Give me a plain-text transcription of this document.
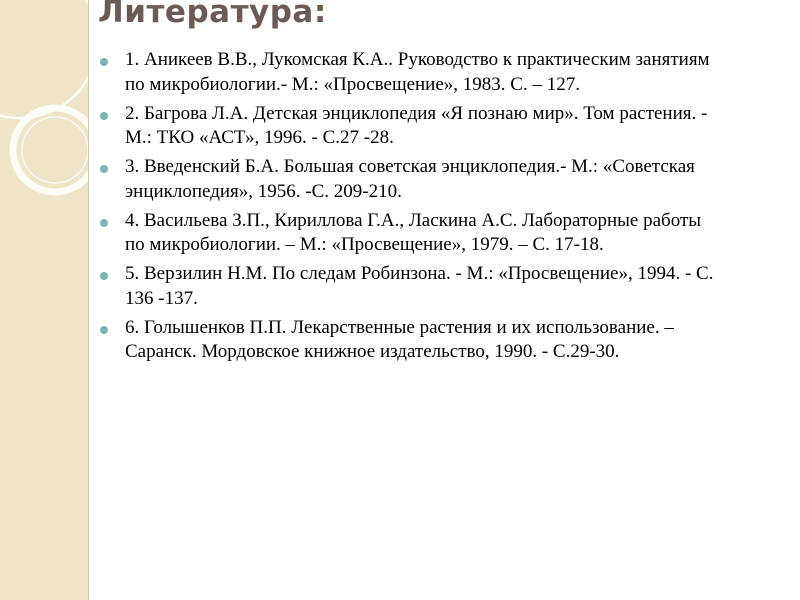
Литература:
1. Аникеев В.В., Лукомская К.А.. Руководство к практическим занятиям по микробиологии.- М.: «Просвещение», 1983. С. – 127.
2. Багрова Л.А. Детская энциклопедия «Я познаю мир». Том растения. - М.: ТКО «АСТ», 1996. - С.27 -28.
3. Введенский Б.А. Большая советская энциклопедия.- М.: «Советская энциклопедия», 1956. -С. 209-210.
4. Васильева З.П., Кириллова Г.А., Ласкина А.С. Лабораторные работы по микробиологии. – М.: «Просвещение», 1979. – С. 17-18.
5. Верзилин Н.М. По следам Робинзона. - М.: «Просвещение», 1994. - С. 136 -137.
6. Голышенков П.П. Лекарственные растения и их использование. – Саранск. Мордовское книжное издательство, 1990. - С.29-30.
